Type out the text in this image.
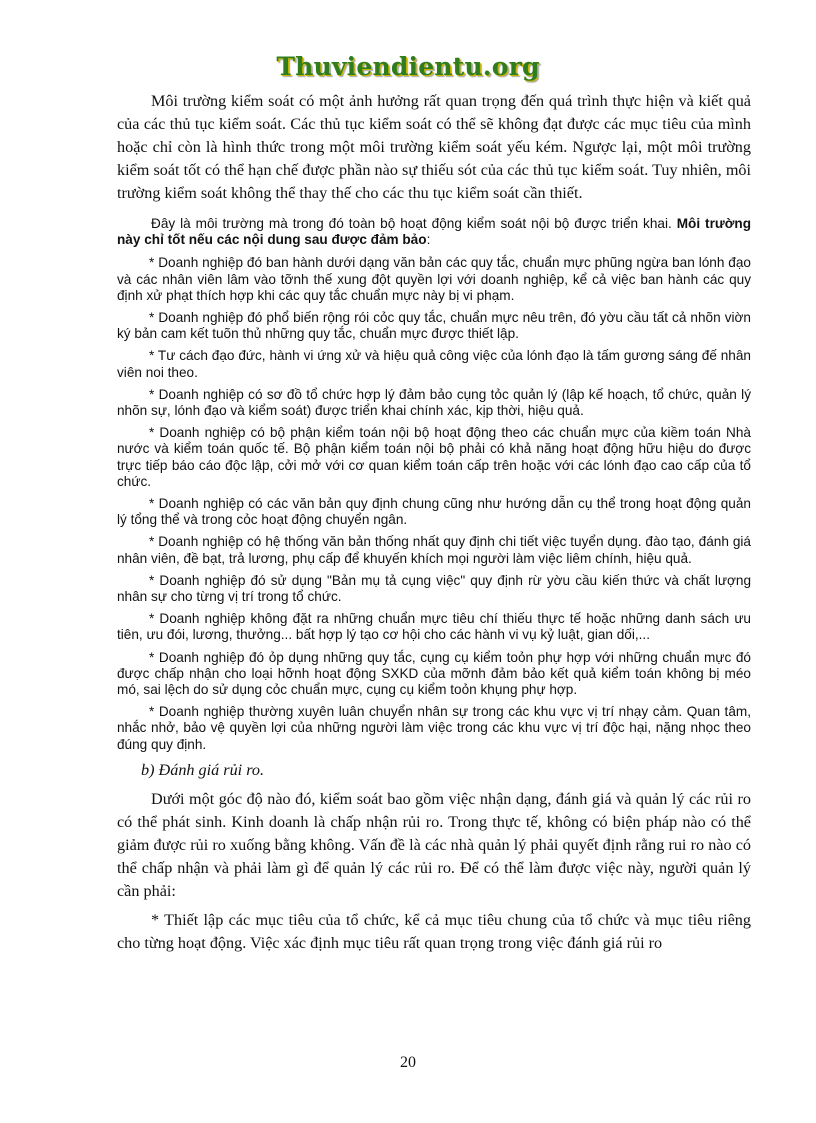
Thuviendientu.org

Môi trường kiểm soát có một ảnh hưởng rất quan trọng đến quá trình thực hiện và kiết quả của các thủ tục kiểm soát. Các thủ tục kiểm soát có thể sẽ không đạt được các mục tiêu của mình hoặc chỉ còn là hình thức trong một môi trường kiểm soát yếu kém. Ngược lại, một môi trường kiểm soát tốt có thể hạn chế được phần nào sự thiếu sót của các thủ tục kiểm soát. Tuy nhiên, môi trường kiểm soát không thể thay thế cho các thu tục kiểm soát cần thiết.

Đây là môi trường mà trong đó toàn bộ hoạt động kiểm soát nội bộ được triển khai. Môi trường này chỉ tốt nếu các nội dung sau được đảm bảo:

* Doanh nghiệp đó ban hành dưới dạng văn bản các quy tắc, chuẩn mực phũng ngừa ban lónh đạo và các nhân viên lâm vào tỡnh thế xung đột quyền lợi với doanh nghiệp, kể cả việc ban hành các quy định xử phạt thích hợp khi các quy tắc chuẩn mực này bị vi phạm.

* Doanh nghiệp đó phổ biến rộng rói cỏc quy tắc, chuẩn mực nêu trên, đó yờu cầu tất cả nhõn viờn ký bản cam kết tuõn thủ những quy tắc, chuẩn mực được thiết lập.

* Tư cách đạo đức, hành vi ứng xử và hiệu quả công việc của lónh đạo là tấm gương sáng đế nhân viên noi theo.

* Doanh nghiệp có sơ đồ tổ chức hợp lý đảm bảo cụng tỏc quản lý (lập kế hoạch, tổ chức, quản lý nhõn sự, lónh đạo và kiểm soát) được triển khai chính xác, kịp thời, hiệu quả.

* Doanh nghiệp có bộ phận kiểm toán nội bộ hoạt động theo các chuẩn mực của kiềm toán Nhà nước và kiểm toán quốc tế. Bộ phận kiểm toán nội bộ phải có khả năng hoạt động hữu hiệu do được trực tiếp báo cáo độc lập, cởi mở với cơ quan kiểm toán cấp trên hoặc với các lónh đạo cao cấp của tổ chức.

* Doanh nghiệp có các văn bản quy định chung cũng như hướng dẫn cụ thể trong hoạt động quản lý tổng thể và trong cỏc hoạt động chuyển ngân.

* Doanh nghiệp có hệ thống văn bản thống nhất quy định chi tiết việc tuyển dụng. đào tạo, đánh giá nhân viên, đề bạt, trả lương, phụ cấp để khuyến khích mọi người làm việc liêm chính, hiệu quả.

* Doanh nghiệp đó sử dụng "Bản mụ tả cụng việc" quy định rừ yờu cầu kiến thức và chất lượng nhân sự cho từng vị trí trong tổ chức.

* Doanh nghiệp không đặt ra những chuẩn mực tiêu chí thiếu thực tế hoặc những danh sách ưu tiên, ưu đói, lương, thưởng... bất hợp lý tạo cơ hội cho các hành vi vụ kỷ luật, gian dối,...

* Doanh nghiệp đó ỏp dụng những quy tắc, cụng cụ kiểm toỏn phự hợp với những chuẩn mực đó được chấp nhận cho loại hỡnh hoạt động SXKD của mỡnh đảm bảo kết quả kiểm toán không bị méo mó, sai lệch do sử dụng cỏc chuẩn mực, cụng cụ kiểm toỏn khụng phự hợp.

* Doanh nghiệp thường xuyên luân chuyển nhân sự trong các khu vực vị trí nhạy cảm. Quan tâm, nhắc nhở, bảo vệ quyền lợi của những người làm việc trong các khu vực vị trí độc hại, nặng nhọc theo đúng quy định.

b) Đánh giá rủi ro.

Dưới một góc độ nào đó, kiểm soát bao gồm việc nhận dạng, đánh giá và quản lý các rủi ro có thể phát sinh. Kinh doanh là chấp nhận rủi ro. Trong thực tế, không có biện pháp nào có thể giảm được rủi ro xuống bằng không. Vấn đề là các nhà quản lý phải quyết định rằng rui ro nào có thể chấp nhận và phải làm gì để quản lý các rủi ro. Để có thể làm được việc này, người quản lý cần phải:

* Thiết lập các mục tiêu của tổ chức, kể cả mục tiêu chung của tổ chức và mục tiêu riêng cho từng hoạt động. Việc xác định mục tiêu rất quan trọng trong việc đánh giá rủi ro

20
